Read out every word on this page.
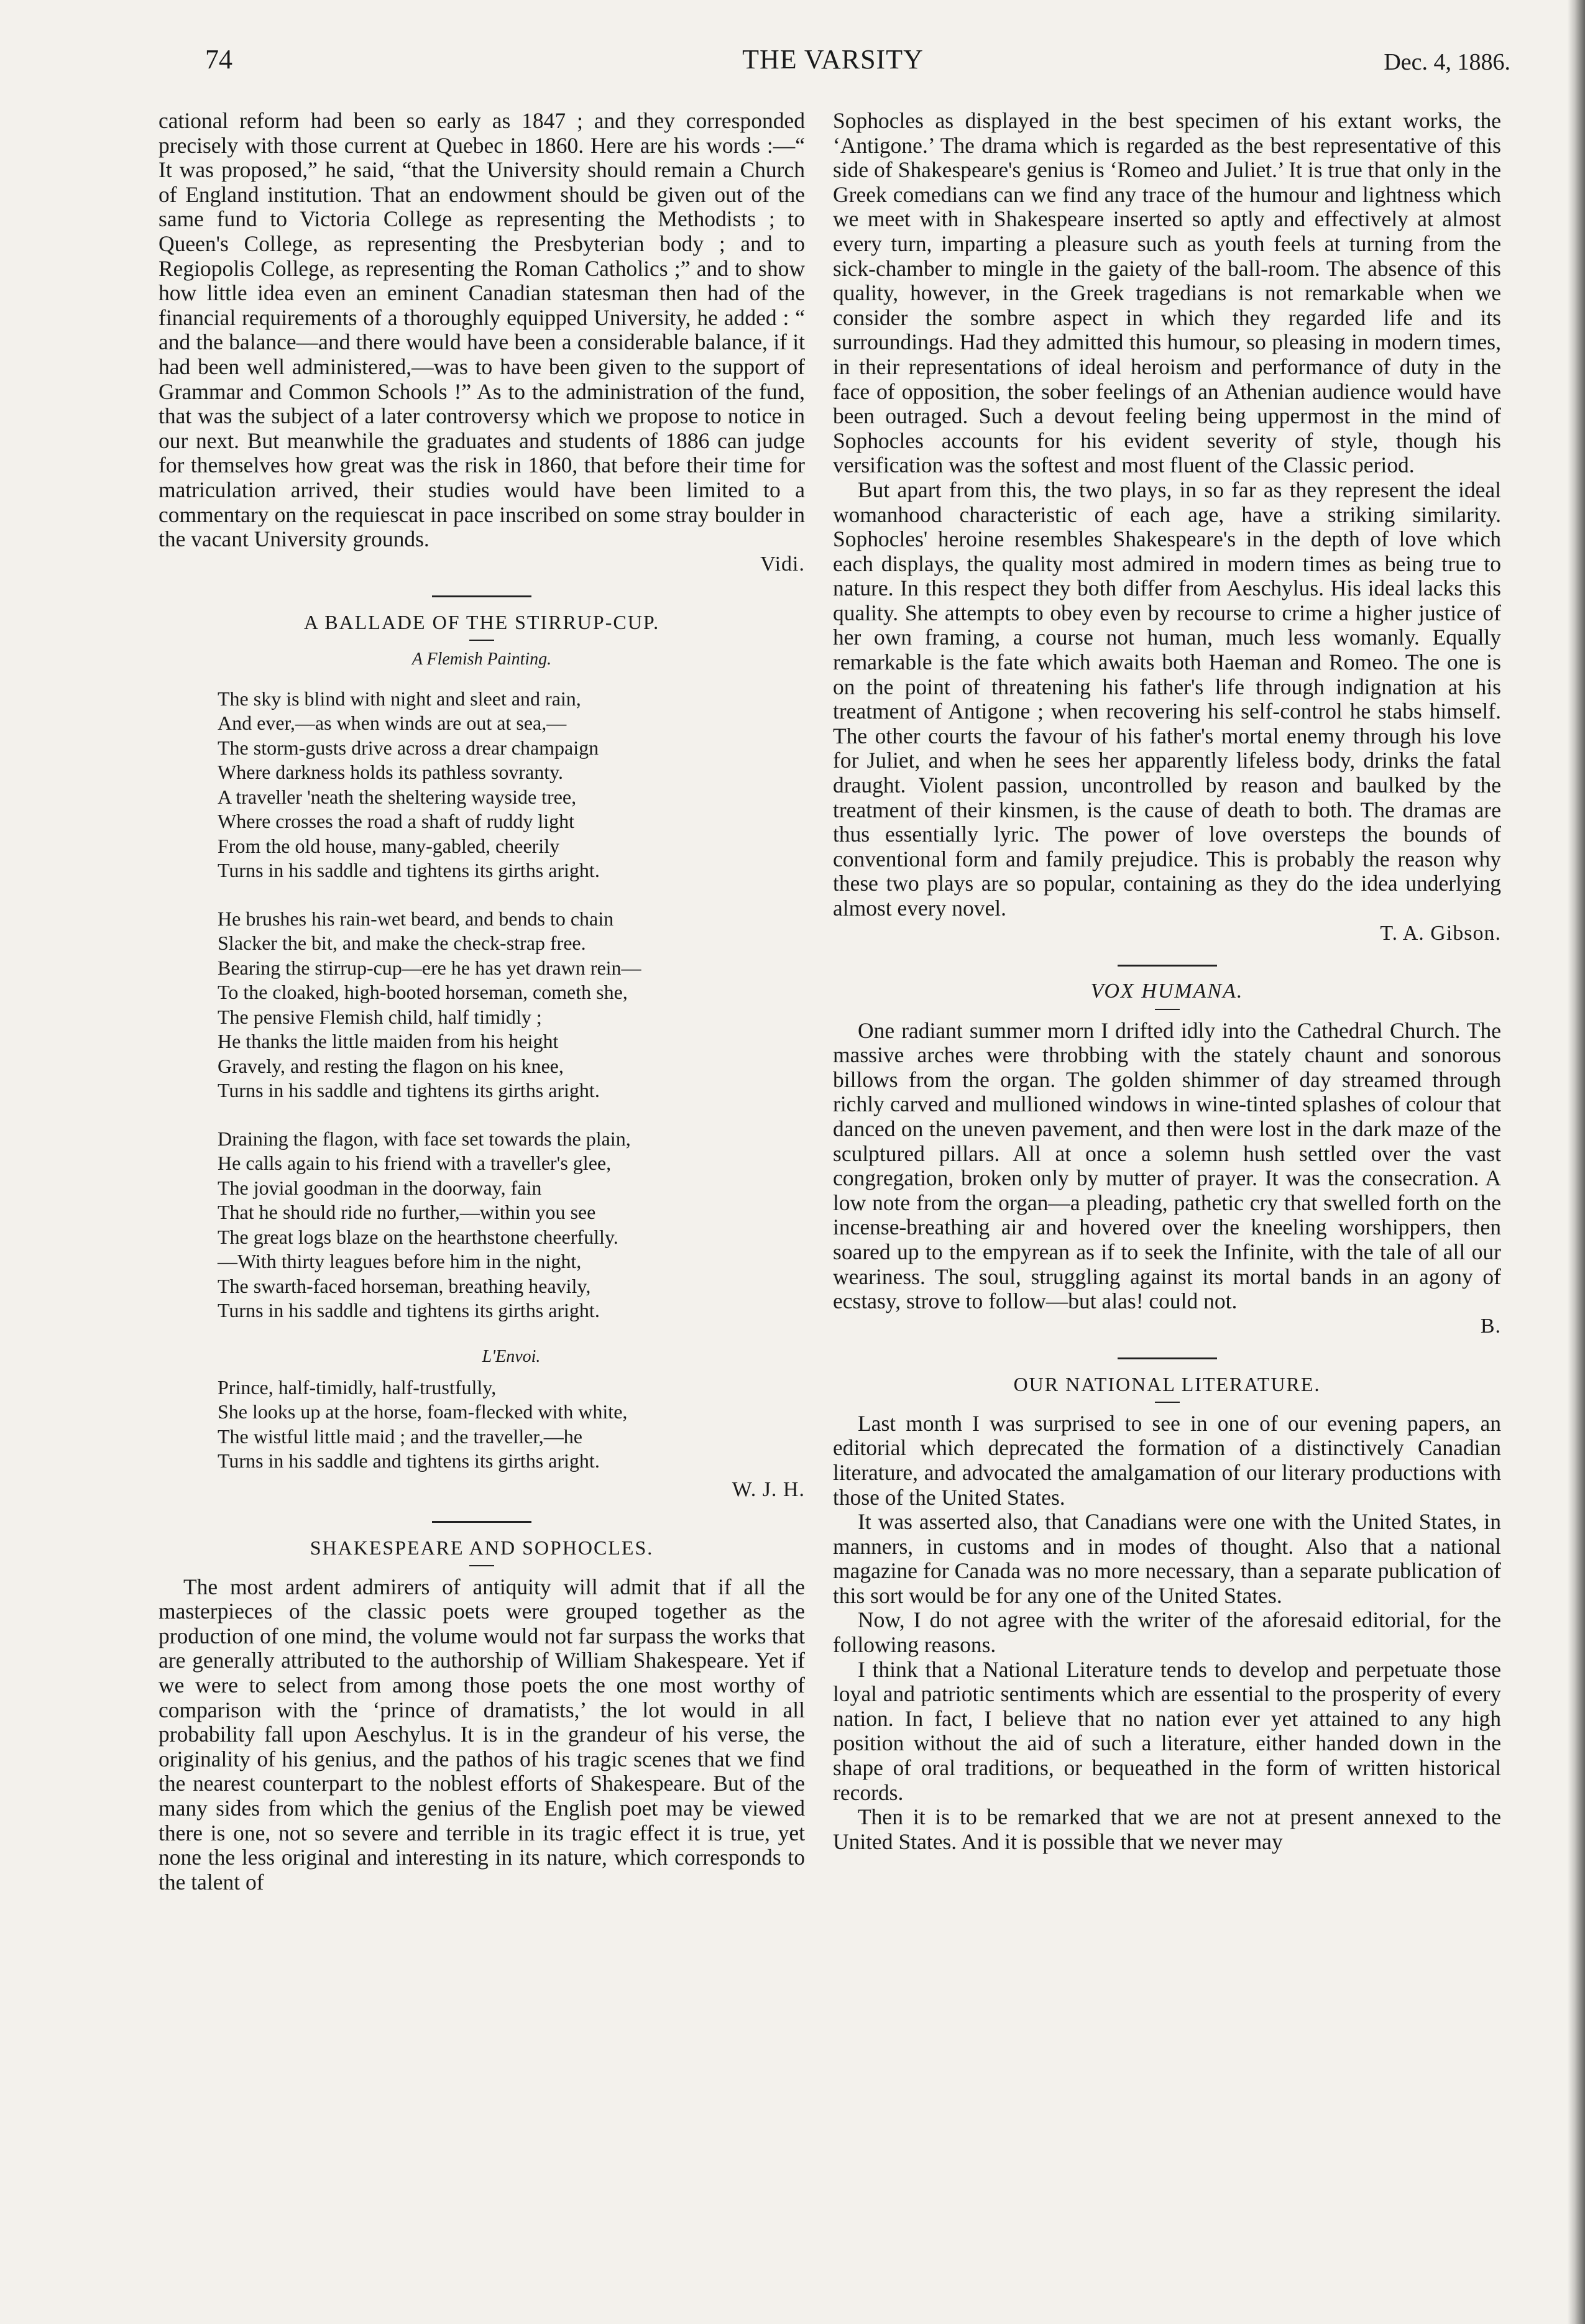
74	THE VARSITY	Dec. 4, 1886.

cational reform had been so early as 1847 ; and they corresponded precisely with those current at Quebec in 1860. Here are his words :—“ It was proposed,” he said, “that the University should remain a Church of England institution. That an endowment should be given out of the same fund to Victoria College as representing the Methodists ; to Queen's College, as representing the Presbyterian body ; and to Regiopolis College, as representing the Roman Catholics ;” and to show how little idea even an eminent Canadian statesman then had of the financial requirements of a thoroughly equipped University, he added : “ and the balance—and there would have been a considerable balance, if it had been well administered,—was to have been given to the support of Grammar and Common Schools !” As to the administration of the fund, that was the subject of a later controversy which we propose to notice in our next. But meanwhile the graduates and students of 1886 can judge for themselves how great was the risk in 1860, that before their time for matriculation arrived, their studies would have been limited to a commentary on the requiescat in pace inscribed on some stray boulder in the vacant University grounds.

Vidi.
A BALLADE OF THE STIRRUP-CUP.
A Flemish Painting.
The sky is blind with night and sleet and rain,
And ever,—as when winds are out at sea,—
The storm-gusts drive across a drear champaign
Where darkness holds its pathless sovranty.
A traveller 'neath the sheltering wayside tree,
Where crosses the road a shaft of ruddy light
From the old house, many-gabled, cheerily
Turns in his saddle and tightens its girths aright.
He brushes his rain-wet beard, and bends to chain
Slacker the bit, and make the check-strap free.
Bearing the stirrup-cup—ere he has yet drawn rein—
To the cloaked, high-booted horseman, cometh she,
The pensive Flemish child, half timidly ;
He thanks the little maiden from his height
Gravely, and resting the flagon on his knee,
Turns in his saddle and tightens its girths aright.
Draining the flagon, with face set towards the plain,
He calls again to his friend with a traveller's glee,
The jovial goodman in the doorway, fain
That he should ride no further,—within you see
The great logs blaze on the hearthstone cheerfully.
—With thirty leagues before him in the night,
The swarth-faced horseman, breathing heavily,
Turns in his saddle and tightens its girths aright.
L'Envoi.
Prince, half-timidly, half-trustfully,
She looks up at the horse, foam-flecked with white,
The wistful little maid ; and the traveller,—he
Turns in his saddle and tightens its girths aright.
W. J. H.
SHAKESPEARE AND SOPHOCLES.

The most ardent admirers of antiquity will admit that if all the masterpieces of the classic poets were grouped together as the production of one mind, the volume would not far surpass the works that are generally attributed to the authorship of William Shakespeare. Yet if we were to select from among those poets the one most worthy of comparison with the ‘prince of dramatists,’ the lot would in all probability fall upon Aeschylus. It is in the grandeur of his verse, the originality of his genius, and the pathos of his tragic scenes that we find the nearest counterpart to the noblest efforts of Shakespeare. But of the many sides from which the genius of the English poet may be viewed there is one, not so severe and terrible in its tragic effect it is true, yet none the less original and interesting in its nature, which corresponds to the talent of

Sophocles as displayed in the best specimen of his extant works, the ‘Antigone.’ The drama which is regarded as the best representative of this side of Shakespeare's genius is ‘Romeo and Juliet.’ It is true that only in the Greek comedians can we find any trace of the humour and lightness which we meet with in Shakespeare inserted so aptly and effectively at almost every turn, imparting a pleasure such as youth feels at turning from the sick-chamber to mingle in the gaiety of the ball-room. The absence of this quality, however, in the Greek tragedians is not remarkable when we consider the sombre aspect in which they regarded life and its surroundings. Had they admitted this humour, so pleasing in modern times, in their representations of ideal heroism and performance of duty in the face of opposition, the sober feelings of an Athenian audience would have been outraged. Such a devout feeling being uppermost in the mind of Sophocles accounts for his evident severity of style, though his versification was the softest and most fluent of the Classic period.

But apart from this, the two plays, in so far as they represent the ideal womanhood characteristic of each age, have a striking similarity. Sophocles' heroine resembles Shakespeare's in the depth of love which each displays, the quality most admired in modern times as being true to nature. In this respect they both differ from Aeschylus. His ideal lacks this quality. She attempts to obey even by recourse to crime a higher justice of her own framing, a course not human, much less womanly. Equally remarkable is the fate which awaits both Haeman and Romeo. The one is on the point of threatening his father's life through indignation at his treatment of Antigone ; when recovering his self-control he stabs himself. The other courts the favour of his father's mortal enemy through his love for Juliet, and when he sees her apparently lifeless body, drinks the fatal draught. Violent passion, uncontrolled by reason and baulked by the treatment of their kinsmen, is the cause of death to both. The dramas are thus essentially lyric. The power of love oversteps the bounds of conventional form and family prejudice. This is probably the reason why these two plays are so popular, containing as they do the idea underlying almost every novel.

T. A. Gibson.
VOX HUMANA.

One radiant summer morn I drifted idly into the Cathedral Church. The massive arches were throbbing with the stately chaunt and sonorous billows from the organ. The golden shimmer of day streamed through richly carved and mullioned windows in wine-tinted splashes of colour that danced on the uneven pavement, and then were lost in the dark maze of the sculptured pillars. All at once a solemn hush settled over the vast congregation, broken only by mutter of prayer. It was the consecration. A low note from the organ—a pleading, pathetic cry that swelled forth on the incense-breathing air and hovered over the kneeling worshippers, then soared up to the empyrean as if to seek the Infinite, with the tale of all our weariness. The soul, struggling against its mortal bands in an agony of ecstasy, strove to follow—but alas! could not.

B.
OUR NATIONAL LITERATURE.

Last month I was surprised to see in one of our evening papers, an editorial which deprecated the formation of a distinctively Canadian literature, and advocated the amalgamation of our literary productions with those of the United States.

It was asserted also, that Canadians were one with the United States, in manners, in customs and in modes of thought. Also that a national magazine for Canada was no more necessary, than a separate publication of this sort would be for any one of the United States.

Now, I do not agree with the writer of the aforesaid editorial, for the following reasons.

I think that a National Literature tends to develop and perpetuate those loyal and patriotic sentiments which are essential to the prosperity of every nation. In fact, I believe that no nation ever yet attained to any high position without the aid of such a literature, either handed down in the shape of oral traditions, or bequeathed in the form of written historical records.

Then it is to be remarked that we are not at present annexed to the United States. And it is possible that we never may
